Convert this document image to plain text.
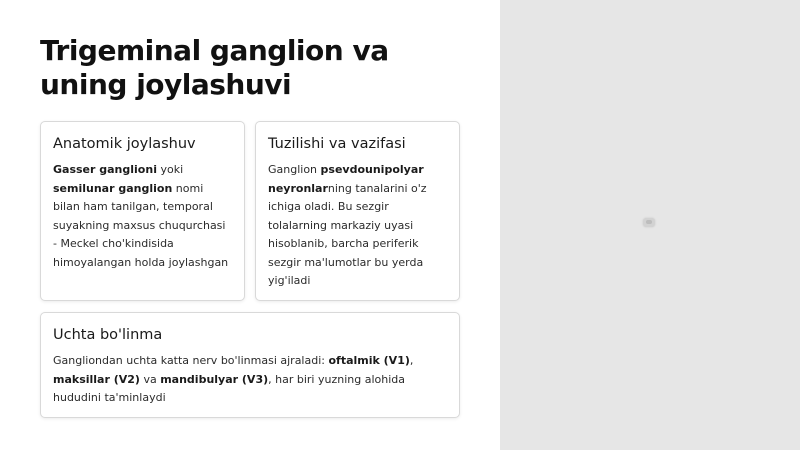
Trigeminal ganglion va uning joylashuvi
Anatomik joylashuv

Gasser ganglioni yoki semilunar ganglion nomi bilan ham tanilgan, temporal suyakning maxsus chuqurchasi - Meckel cho'kindisida himoyalangan holda joylashgan

Tuzilishi va vazifasi

Ganglion psevdounipolyar neyronlarning tanalarini o'z ichiga oladi. Bu sezgir tolalarning markaziy uyasi hisoblanib, barcha periferik sezgir ma'lumotlar bu yerda yig'iladi

Uchta bo'linma

Gangliondan uchta katta nerv bo'linmasi ajraladi: oftalmik (V1), maksillar (V2) va mandibulyar (V3), har biri yuzning alohida hududini ta'minlaydi
